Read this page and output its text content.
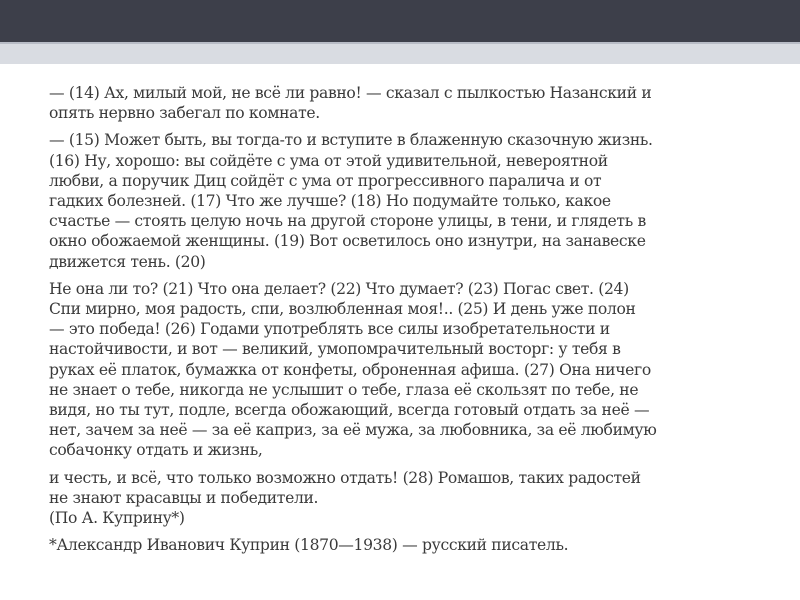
— (14) Ах, милый мой, не всё ли равно! — сказал с пылкостью Назанский и
опять нервно забегал по комнате.

— (15) Может быть, вы тогда-то и вступите в блаженную сказочную жизнь.
(16) Ну, хорошо: вы сойдёте с ума от этой удивительной, невероятной
любви, а поручик Диц сойдёт с ума от прогрессивного паралича и от
гадких болезней. (17) Что же лучше? (18) Но подумайте только, какое
счастье — стоять целую ночь на другой стороне улицы, в тени, и глядеть в
окно обожаемой женщины. (19) Вот осветилось оно изнутри, на занавеске
движется тень. (20)

Не она ли то? (21) Что она делает? (22) Что думает? (23) Погас свет. (24)
Спи мирно, моя радость, спи, возлюбленная моя!.. (25) И день уже полон
— это победа! (26) Годами употреблять все силы изобретательности и
настойчивости, и вот — великий, умопомрачительный восторг: у тебя в
руках её платок, бумажка от конфеты, оброненная афиша. (27) Она ничего
не знает о тебе, никогда не услышит о тебе, глаза её скользят по тебе, не
видя, но ты тут, подле, всегда обожающий, всегда готовый отдать за неё —
нет, зачем за неё — за её каприз, за её мужа, за любовника, за её любимую
собачонку отдать и жизнь,

и честь, и всё, что только возможно отдать! (28) Ромашов, таких радостей
не знают красавцы и победители.
(По А. Куприну*)

*Александр Иванович Куприн (1870—1938) — русский писатель.
